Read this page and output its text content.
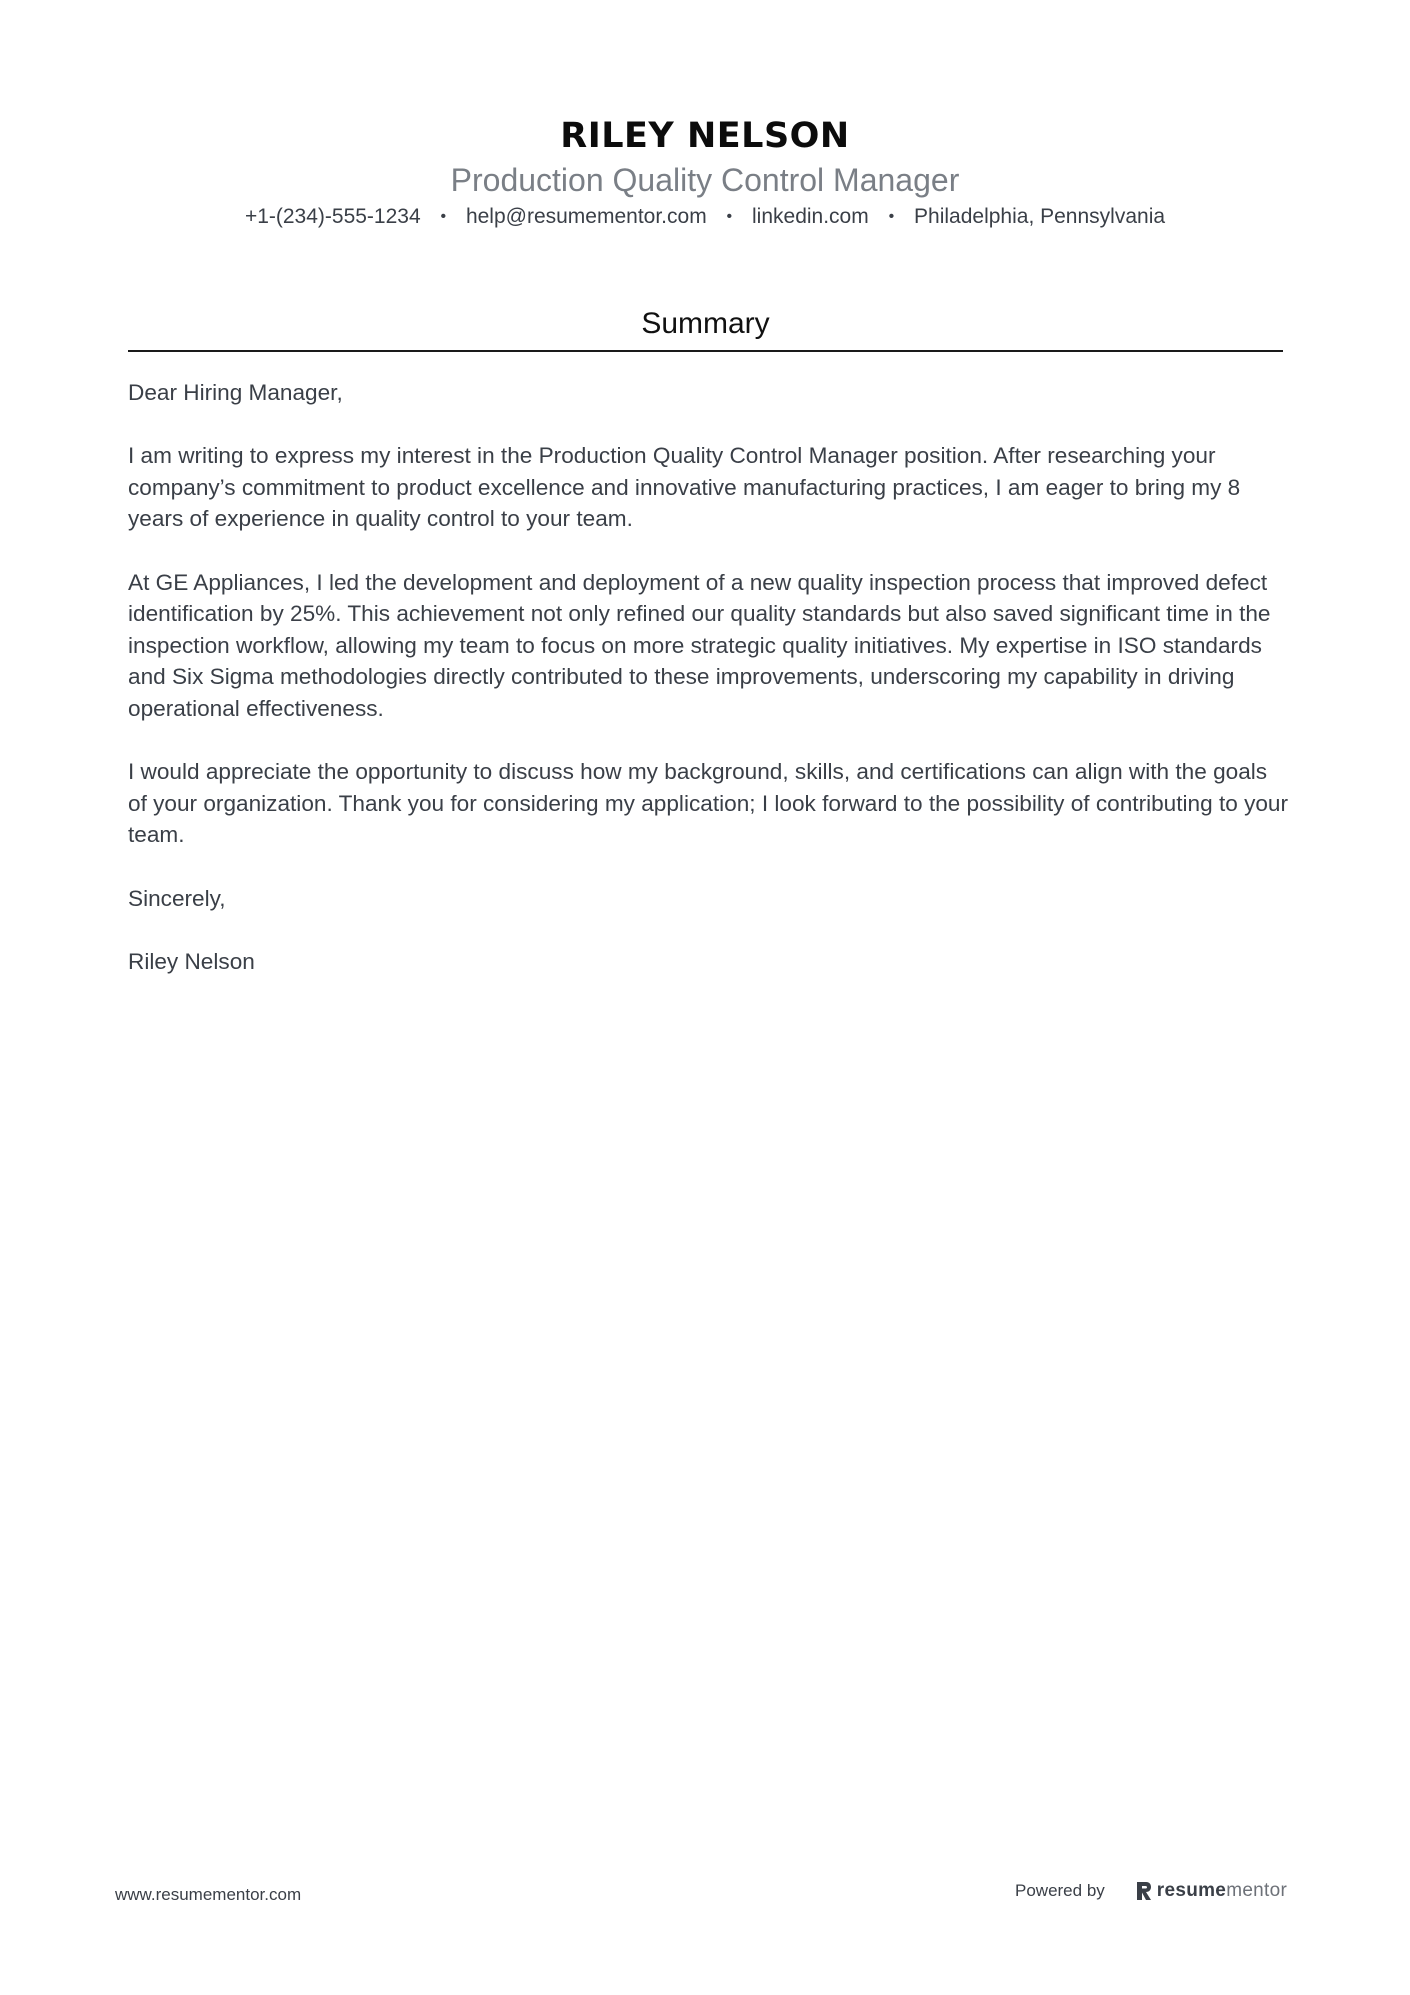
RILEY NELSON
Production Quality Control Manager
+1-(234)-555-1234 • help@resumementor.com • linkedin.com • Philadelphia, Pennsylvania
Summary

Dear Hiring Manager,

I am writing to express my interest in the Production Quality Control Manager position. After researching your company’s commitment to product excellence and innovative manufacturing practices, I am eager to bring my 8 years of experience in quality control to your team.

At GE Appliances, I led the development and deployment of a new quality inspection process that improved defect identification by 25%. This achievement not only refined our quality standards but also saved significant time in the inspection workflow, allowing my team to focus on more strategic quality initiatives. My expertise in ISO standards and Six Sigma methodologies directly contributed to these improvements, underscoring my capability in driving operational effectiveness.

I would appreciate the opportunity to discuss how my background, skills, and certifications can align with the goals of your organization. Thank you for considering my application; I look forward to the possibility of contributing to your team.

Sincerely,

Riley Nelson

www.resumementor.com	Powered by	resumementor
